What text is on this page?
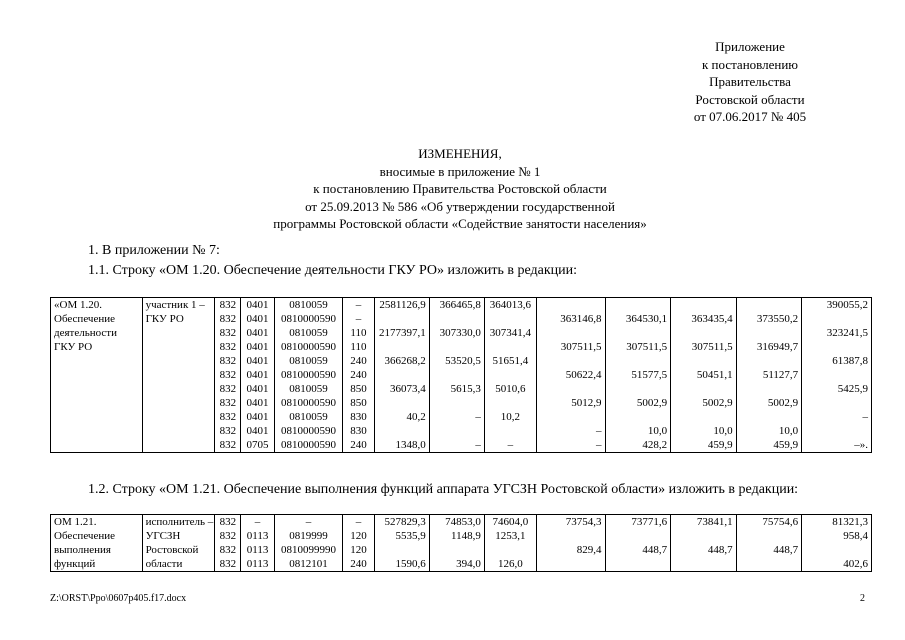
Приложение
к постановлению
Правительства
Ростовской области
от 07.06.2017 № 405
ИЗМЕНЕНИЯ,
вносимые в приложение № 1
к постановлению Правительства Ростовской области
от 25.09.2013 № 586 «Об утверждении государственной
программы Ростовской области «Содействие занятости населения»
1. В приложении № 7:
1.1. Строку «ОМ 1.20. Обеспечение деятельности ГКУ РО» изложить в редакции:
«ОМ 1.20.	участник 1 –	832	0401	0810059	–	2581126,9	366465,8	364013,6					390055,2
Обеспечение	ГКУ РО	832	0401	0810000590	–				363146,8	364530,1	363435,4	373550,2	
деятельности		832	0401	0810059	110	2177397,1	307330,0	307341,4					323241,5
ГКУ РО		832	0401	0810000590	110				307511,5	307511,5	307511,5	316949,7	
		832	0401	0810059	240	366268,2	53520,5	51651,4					61387,8
		832	0401	0810000590	240				50622,4	51577,5	50451,1	51127,7	
		832	0401	0810059	850	36073,4	5615,3	5010,6					5425,9
		832	0401	0810000590	850				5012,9	5002,9	5002,9	5002,9	
		832	0401	0810059	830	40,2	–	10,2					–
		832	0401	0810000590	830				–	10,0	10,0	10,0	
		832	0705	0810000590	240	1348,0	–	–	–	428,2	459,9	459,9	–».
1.2. Строку «ОМ 1.21. Обеспечение выполнения функций аппарата УГСЗН Ростовской области» изложить в редакции:
ОМ 1.21.	исполнитель –	832	–	–	–	527829,3	74853,0	74604,0	73754,3	73771,6	73841,1	75754,6	81321,3
Обеспечение	УГСЗН	832	0113	0819999	120	5535,9	1148,9	1253,1					958,4
выполнения	Ростовской	832	0113	0810099990	120				829,4	448,7	448,7	448,7	
функций	области	832	0113	0812101	240	1590,6	394,0	126,0					402,6
Z:\ORST\Ppo\0607p405.f17.docx	2
